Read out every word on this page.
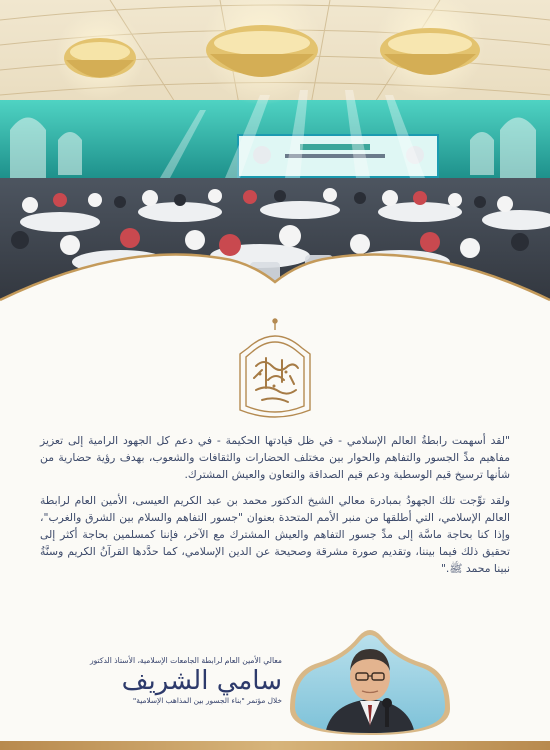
"لقد أسهمت رابطةُ العالم الإسلامي - في ظل قيادتها الحكيمة - في دعم كل الجهود الرامية إلى تعزيز مفاهيم مدِّ الجسور والتفاهم والحوار بين مختلف الحضارات والثقافات والشعوب، بهدف رؤية حضارية من شأنها ترسيخ قيم الوسطية ودعم قيم الصداقة والتعاون والعيش المشترك.

ولقد توِّجت تلك الجهودُ بمبادرة معالي الشيخ الدكتور محمد بن عبد الكريم العيسى، الأمين العام لرابطة العالم الإسلامي، التي أطلقها من منبر الأمم المتحدة بعنوان "جسور التفاهم والسلام بين الشرق والغرب"، وإذا كنا بحاجة ماسَّة إلى مدِّ جسور التفاهم والعيش المشترك مع الآخر، فإننا كمسلمين بحاجة أكثر إلى تحقيق ذلك فيما بيننا، وتقديم صورة مشرقة وصحيحة عن الدين الإسلامي، كما حدَّدها القرآنُ الكريم وسنَّةُ نبينا محمد ﷺ."

معالي الأمين العام لرابطة الجامعات الإسلامية، الأستاذ الدكتور
سامي الشريف
خلال مؤتمر "بناء الجسور بين المذاهب الإسلامية"
